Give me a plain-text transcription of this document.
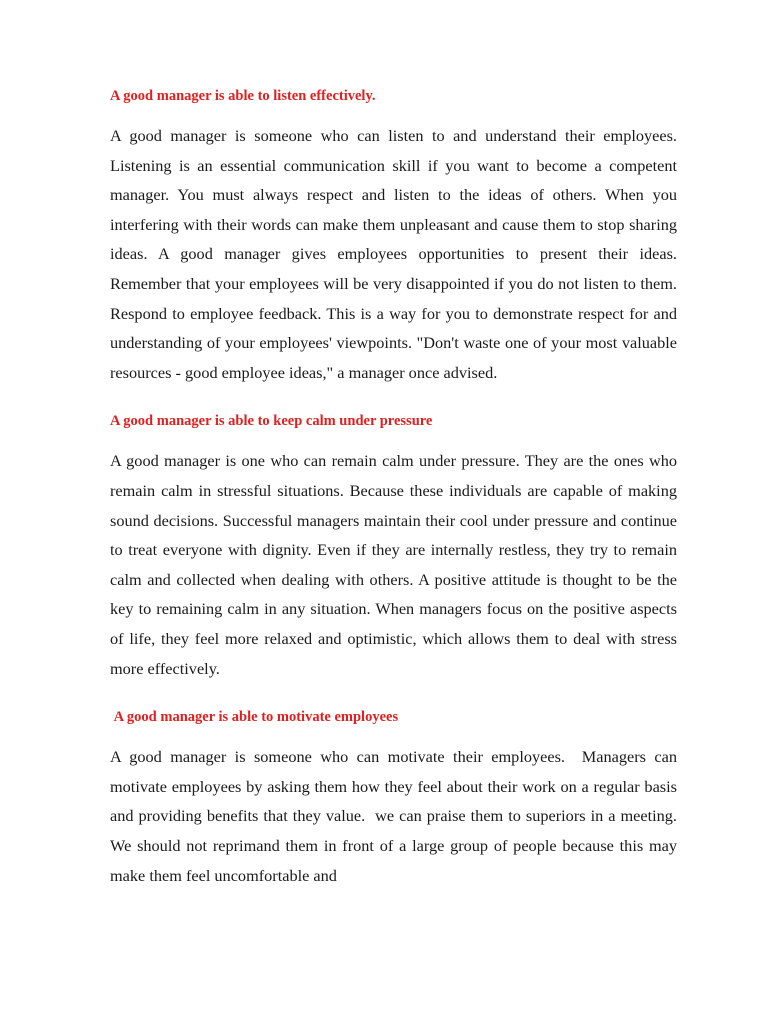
A good manager is able to listen effectively.

A good manager is someone who can listen to and understand their employees. Listening is an essential communication skill if you want to become a competent manager. You must always respect and listen to the ideas of others. When you interfering with their words can make them unpleasant and cause them to stop sharing ideas. A good manager gives employees opportunities to present their ideas. Remember that your employees will be very disappointed if you do not listen to them. Respond to employee feedback. This is a way for you to demonstrate respect for and understanding of your employees' viewpoints. "Don't waste one of your most valuable resources - good employee ideas," a manager once advised.

A good manager is able to keep calm under pressure

A good manager is one who can remain calm under pressure. They are the ones who remain calm in stressful situations. Because these individuals are capable of making sound decisions. Successful managers maintain their cool under pressure and continue to treat everyone with dignity. Even if they are internally restless, they try to remain calm and collected when dealing with others. A positive attitude is thought to be the key to remaining calm in any situation. When managers focus on the positive aspects of life, they feel more relaxed and optimistic, which allows them to deal with stress more effectively.

A good manager is able to motivate employees

A good manager is someone who can motivate their employees.  Managers can motivate employees by asking them how they feel about their work on a regular basis and providing benefits that they value.  we can praise them to superiors in a meeting. We should not reprimand them in front of a large group of people because this may make them feel uncomfortable and
